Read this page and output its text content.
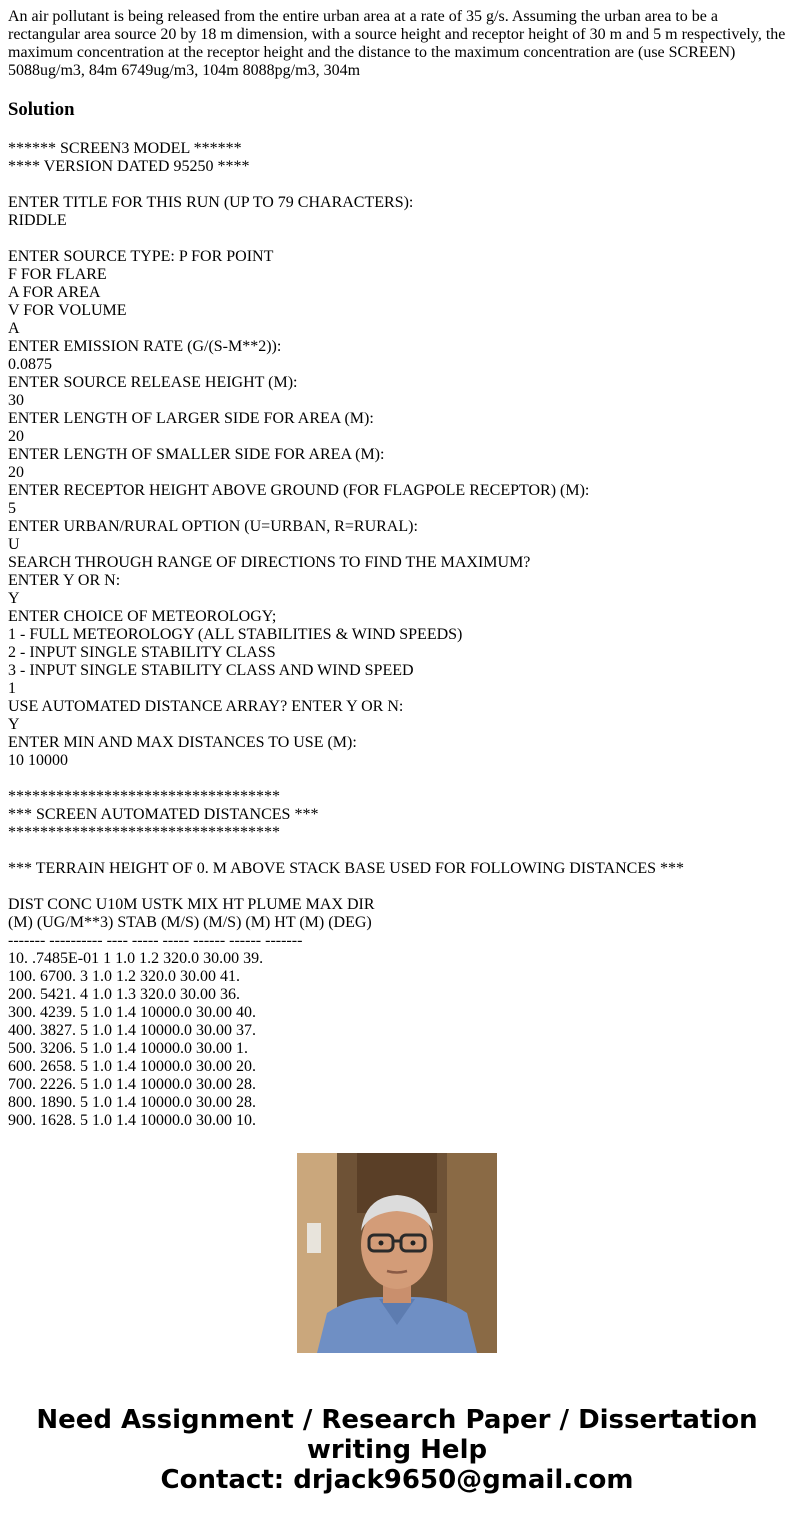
An air pollutant is being released from the entire urban area at a rate of 35 g/s. Assuming the urban area to be a rectangular area source 20 by 18 m dimension, with a source height and receptor height of 30 m and 5 m respectively, the maximum concentration at the receptor height and the distance to the maximum concentration are (use SCREEN) 5088ug/m3, 84m 6749ug/m3, 104m 8088pg/m3, 304m

Solution
****** SCREEN3 MODEL ******
**** VERSION DATED 95250 ****
ENTER TITLE FOR THIS RUN (UP TO 79 CHARACTERS):
RIDDLE
ENTER SOURCE TYPE: P FOR POINT
F FOR FLARE
A FOR AREA
V FOR VOLUME
A
ENTER EMISSION RATE (G/(S-M**2)):
0.0875
ENTER SOURCE RELEASE HEIGHT (M):
30
ENTER LENGTH OF LARGER SIDE FOR AREA (M):
20
ENTER LENGTH OF SMALLER SIDE FOR AREA (M):
20
ENTER RECEPTOR HEIGHT ABOVE GROUND (FOR FLAGPOLE RECEPTOR) (M):
5
ENTER URBAN/RURAL OPTION (U=URBAN, R=RURAL):
U
SEARCH THROUGH RANGE OF DIRECTIONS TO FIND THE MAXIMUM?
ENTER Y OR N:
Y
ENTER CHOICE OF METEOROLOGY;
1 - FULL METEOROLOGY (ALL STABILITIES & WIND SPEEDS)
2 - INPUT SINGLE STABILITY CLASS
3 - INPUT SINGLE STABILITY CLASS AND WIND SPEED
1
USE AUTOMATED DISTANCE ARRAY? ENTER Y OR N:
Y
ENTER MIN AND MAX DISTANCES TO USE (M):
10 10000
**********************************
*** SCREEN AUTOMATED DISTANCES ***
**********************************
*** TERRAIN HEIGHT OF 0. M ABOVE STACK BASE USED FOR FOLLOWING DISTANCES ***
DIST CONC U10M USTK MIX HT PLUME MAX DIR
(M) (UG/M**3) STAB (M/S) (M/S) (M) HT (M) (DEG)
------- ---------- ---- ----- ----- ------ ------ -------
10. .7485E-01 1 1.0 1.2 320.0 30.00 39.
100. 6700. 3 1.0 1.2 320.0 30.00 41.
200. 5421. 4 1.0 1.3 320.0 30.00 36.
300. 4239. 5 1.0 1.4 10000.0 30.00 40.
400. 3827. 5 1.0 1.4 10000.0 30.00 37.
500. 3206. 5 1.0 1.4 10000.0 30.00 1.
600. 2658. 5 1.0 1.4 10000.0 30.00 20.
700. 2226. 5 1.0 1.4 10000.0 30.00 28.
800. 1890. 5 1.0 1.4 10000.0 30.00 28.
900. 1628. 5 1.0 1.4 10000.0 30.00 10.
Need Assignment / Research Paper / Dissertation
writing Help
Contact: drjack9650@gmail.com
